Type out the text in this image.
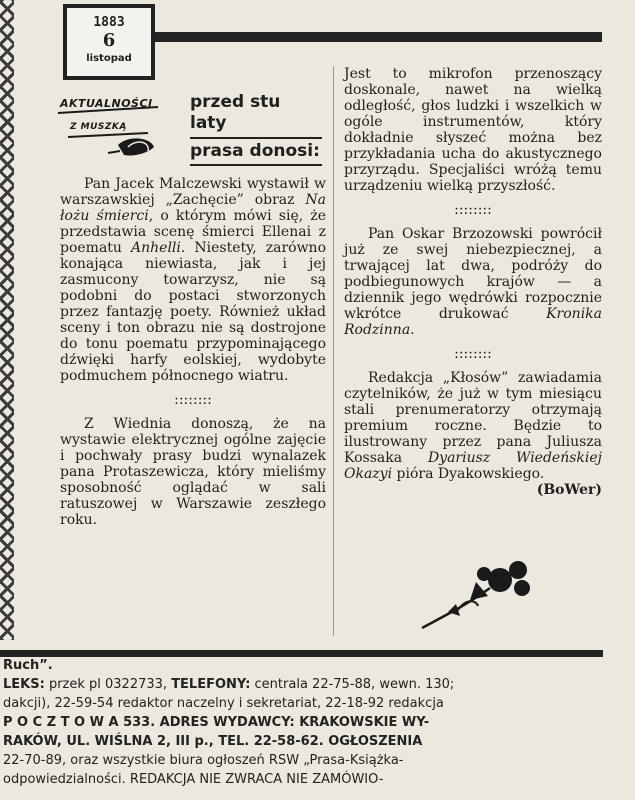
1883
6
listopad
AKTUALNOŚCI
Z MUSZKĄ
przed stu laty
prasa donosi:

Pan Jacek Malczewski wystawił w warszawskiej „Zachęcie” obraz Na łożu śmierci, o którym mówi się, że przedstawia scenę śmierci Ellenai z poematu Anhelli. Niestety, zarówno konająca niewiasta, jak i jej zasmucony towarzysz, nie są podobni do postaci stworzonych przez fantazję poety. Również układ sceny i ton obrazu nie są dostrojone do tonu poematu przypominającego dźwięki harfy eolskiej, wydobyte podmuchem północnego wiatru.

::::::::

Z Wiednia donoszą, że na wystawie elektrycznej ogólne zajęcie i pochwały prasy budzi wynalazek pana Protaszewicza, który mieliśmy sposobność oglądać w sali ratuszowej w Warszawie zeszłego roku.

Jest to mikrofon przenoszący doskonale, nawet na wielką odległość, głos ludzki i wszelkich w ogóle instrumentów, który dokładnie słyszeć można bez przykładania ucha do akustycznego przyrządu. Specjaliści wróżą temu urządzeniu wielką przyszłość.

::::::::

Pan Oskar Brzozowski powrócił już ze swej niebezpiecznej, a trwającej lat dwa, podróży do podbiegunowych krajów — a dziennik jego wędrówki rozpocznie wkrótce drukować Kronika Rodzinna.

::::::::

Redakcja „Kłosów” zawiadamia czytelników, że już w tym miesiącu stali prenumeratorzy otrzymają premium roczne. Będzie to ilustrowany przez pana Juliusza Kossaka Dyariusz Wiedeńskiej Okazyi pióra Dyakowskiego.

(BoWer)

Ruch”.
LEKS: przek pl 0322733, TELEFONY: centrala 22-75-88, wewn. 130;
dakcji), 22-59-54 redaktor naczelny i sekretariat, 22-18-92 redakcja
P O C Z T O W A 533. ADRES WYDAWCY: KRAKOWSKIE WY-
RAKÓW, UL. WIŚLNA 2, III p., TEL. 22-58-62. OGŁOSZENIA
22-70-89, oraz wszystkie biura ogłoszeń RSW „Prasa-Książka-
odpowiedzialności. REDAKCJA NIE ZWRACA NIE ZAMÓWIO-
